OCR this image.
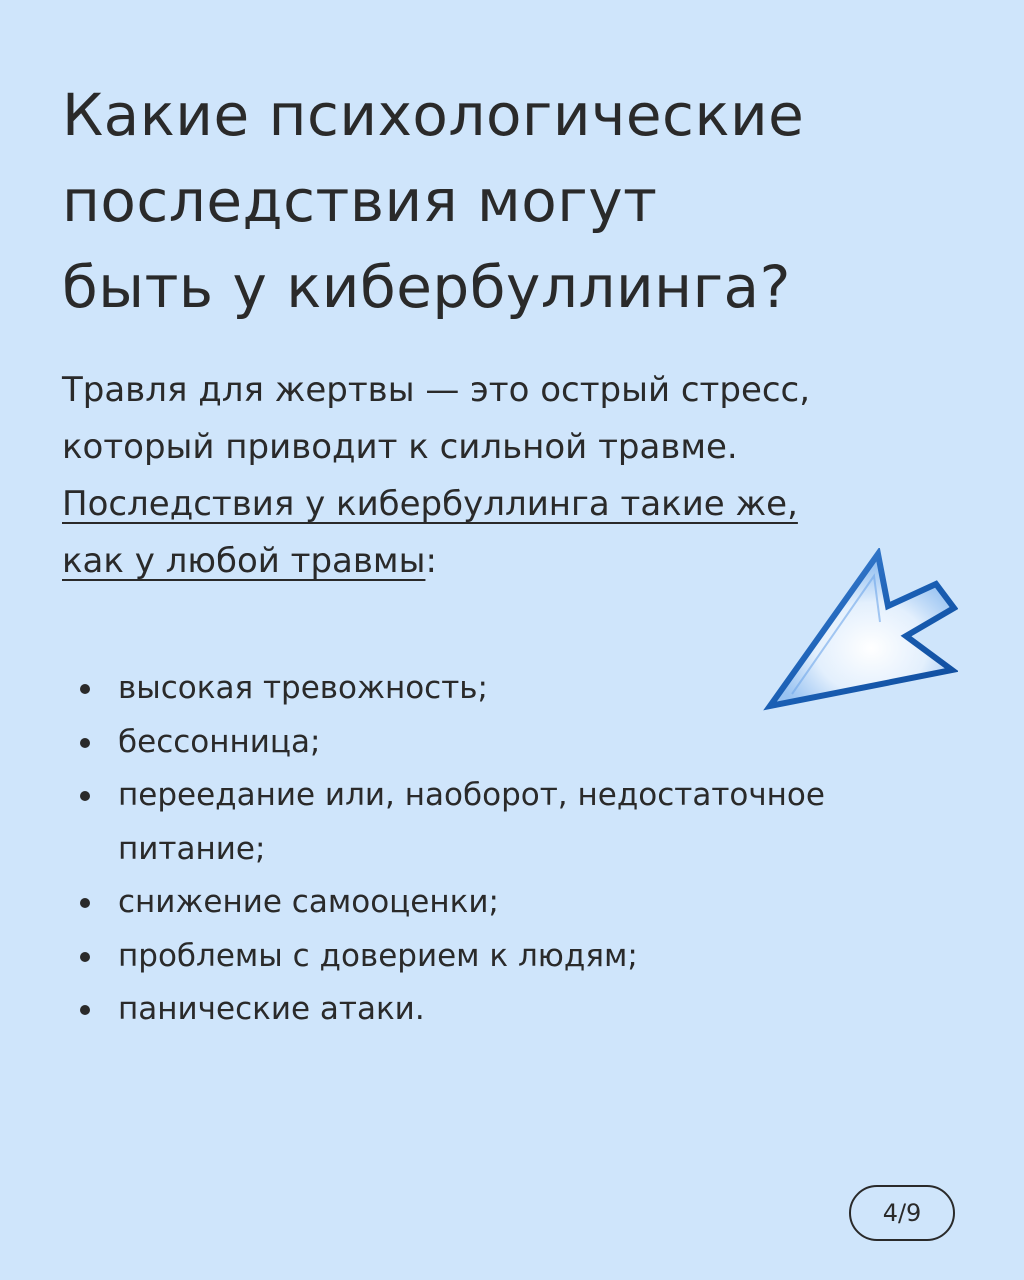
Какие психологические
последствия могут
быть у кибербуллинга?

Травля для жертвы — это острый стресс,
который приводит к сильной травме.
Последствия у кибербуллинга такие же,
как у любой травмы:

высокая тревожность;
бессонница;
переедание или, наоборот, недостаточное питание;
снижение самооценки;
проблемы с доверием к людям;
панические атаки.
4/9
